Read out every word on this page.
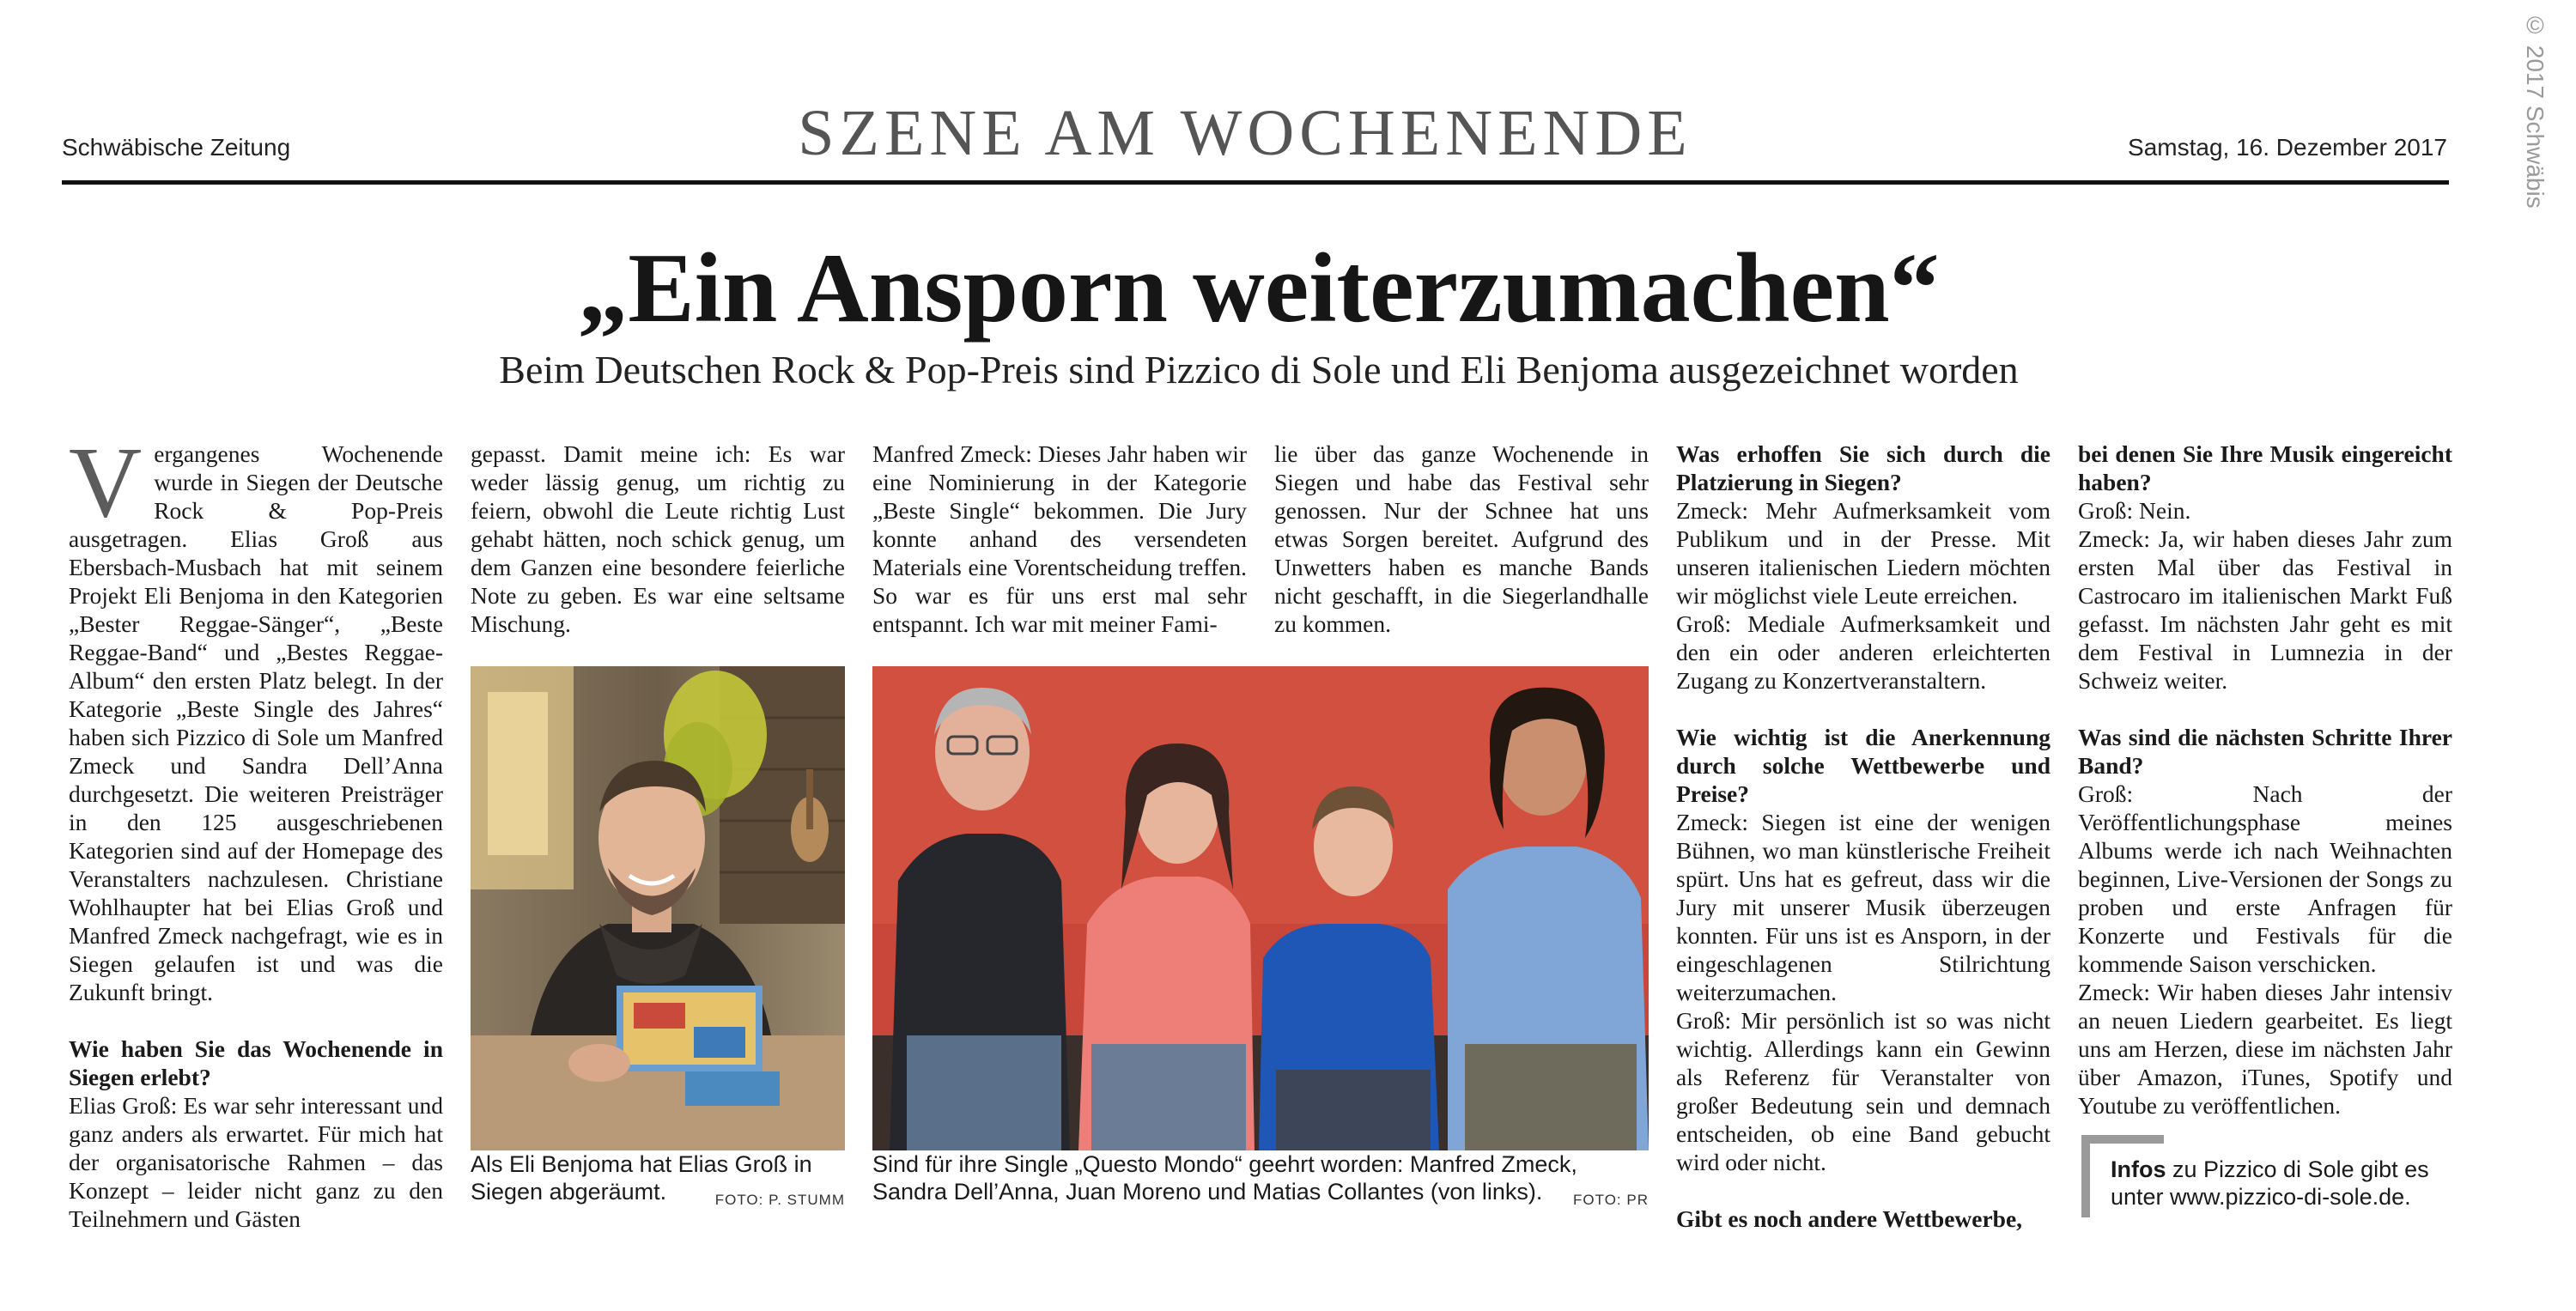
Schwäbische Zeitung	SZENE AM WOCHENENDE	Samstag, 16. Dezember 2017	© 2017 Schwäbis
„Ein Ansporn weiterzumachen“
Beim Deutschen Rock & Pop-Preis sind Pizzico di Sole und Eli Benjoma ausgezeichnet worden

Vergangenes Wochenende wurde in Siegen der Deutsche Rock & Pop-Preis ausgetragen. Elias Groß aus Ebersbach-Musbach hat mit seinem Projekt Eli Benjoma in den Kategorien „Bester Reggae-Sänger“, „Beste Reggae-Band“ und „Bestes Reggae-Album“ den ersten Platz belegt. In der Kategorie „Beste Single des Jahres“ haben sich Pizzico di Sole um Manfred Zmeck und Sandra Dell’Anna durchgesetzt. Die weiteren Preisträger in den 125 ausgeschriebenen Kategorien sind auf der Homepage des Veranstalters nachzulesen. Christiane Wohlhaupter hat bei Elias Groß und Manfred Zmeck nachgefragt, wie es in Siegen gelaufen ist und was die Zukunft bringt.

Wie haben Sie das Wochenende in Siegen erlebt?

Elias Groß: Es war sehr interessant und ganz anders als erwartet. Für mich hat der organisatorische Rahmen – das Konzept – leider nicht ganz zu den Teilnehmern und Gästen

gepasst. Damit meine ich: Es war weder lässig genug, um richtig zu feiern, obwohl die Leute richtig Lust gehabt hätten, noch schick genug, um dem Ganzen eine besondere feierliche Note zu geben. Es war eine seltsame Mischung.

Manfred Zmeck: Dieses Jahr haben wir eine Nominierung in der Kategorie „Beste Single“ bekommen. Die Jury konnte anhand des versendeten Materials eine Vorentscheidung treffen. So war es für uns erst mal sehr entspannt. Ich war mit meiner Fami-

lie über das ganze Wochenende in Siegen und habe das Festival sehr genossen. Nur der Schnee hat uns etwas Sorgen bereitet. Aufgrund des Unwetters haben es manche Bands nicht geschafft, in die Siegerlandhalle zu kommen.

Was erhoffen Sie sich durch die Platzierung in Siegen?

Zmeck: Mehr Aufmerksamkeit vom Publikum und in der Presse. Mit unseren italienischen Liedern möchten wir möglichst viele Leute erreichen.

Groß: Mediale Aufmerksamkeit und den ein oder anderen erleichterten Zugang zu Konzertveranstaltern.

Wie wichtig ist die Anerkennung durch solche Wettbewerbe und Preise?

Zmeck: Siegen ist eine der wenigen Bühnen, wo man künstlerische Freiheit spürt. Uns hat es gefreut, dass wir die Jury mit unserer Musik überzeugen konnten. Für uns ist es Ansporn, in der eingeschlagenen Stilrichtung weiterzumachen.

Groß: Mir persönlich ist so was nicht wichtig. Allerdings kann ein Gewinn als Referenz für Veranstalter von großer Bedeutung sein und demnach entscheiden, ob eine Band gebucht wird oder nicht.

Gibt es noch andere Wettbewerbe,

bei denen Sie Ihre Musik eingereicht haben?

Groß: Nein.

Zmeck: Ja, wir haben dieses Jahr zum ersten Mal über das Festival in Castrocaro im italienischen Markt Fuß gefasst. Im nächsten Jahr geht es mit dem Festival in Lumnezia in der Schweiz weiter.

Was sind die nächsten Schritte Ihrer Band?

Groß: Nach der Veröffentlichungsphase meines Albums werde ich nach Weihnachten beginnen, Live-Versionen der Songs zu proben und erste Anfragen für Konzerte und Festivals für die kommende Saison verschicken.

Zmeck: Wir haben dieses Jahr intensiv an neuen Liedern gearbeitet. Es liegt uns am Herzen, diese im nächsten Jahr über Amazon, iTunes, Spotify und Youtube zu veröffentlichen.

Als Eli Benjoma hat Elias Groß in Siegen abgeräumt.	FOTO: P. STUMM
Sind für ihre Single „Questo Mondo“ geehrt worden: Manfred Zmeck, Sandra Dell’Anna, Juan Moreno und Matias Collantes (von links). FOTO: PR
Infos zu Pizzico di Sole gibt es unter www.pizzico-di-sole.de.
